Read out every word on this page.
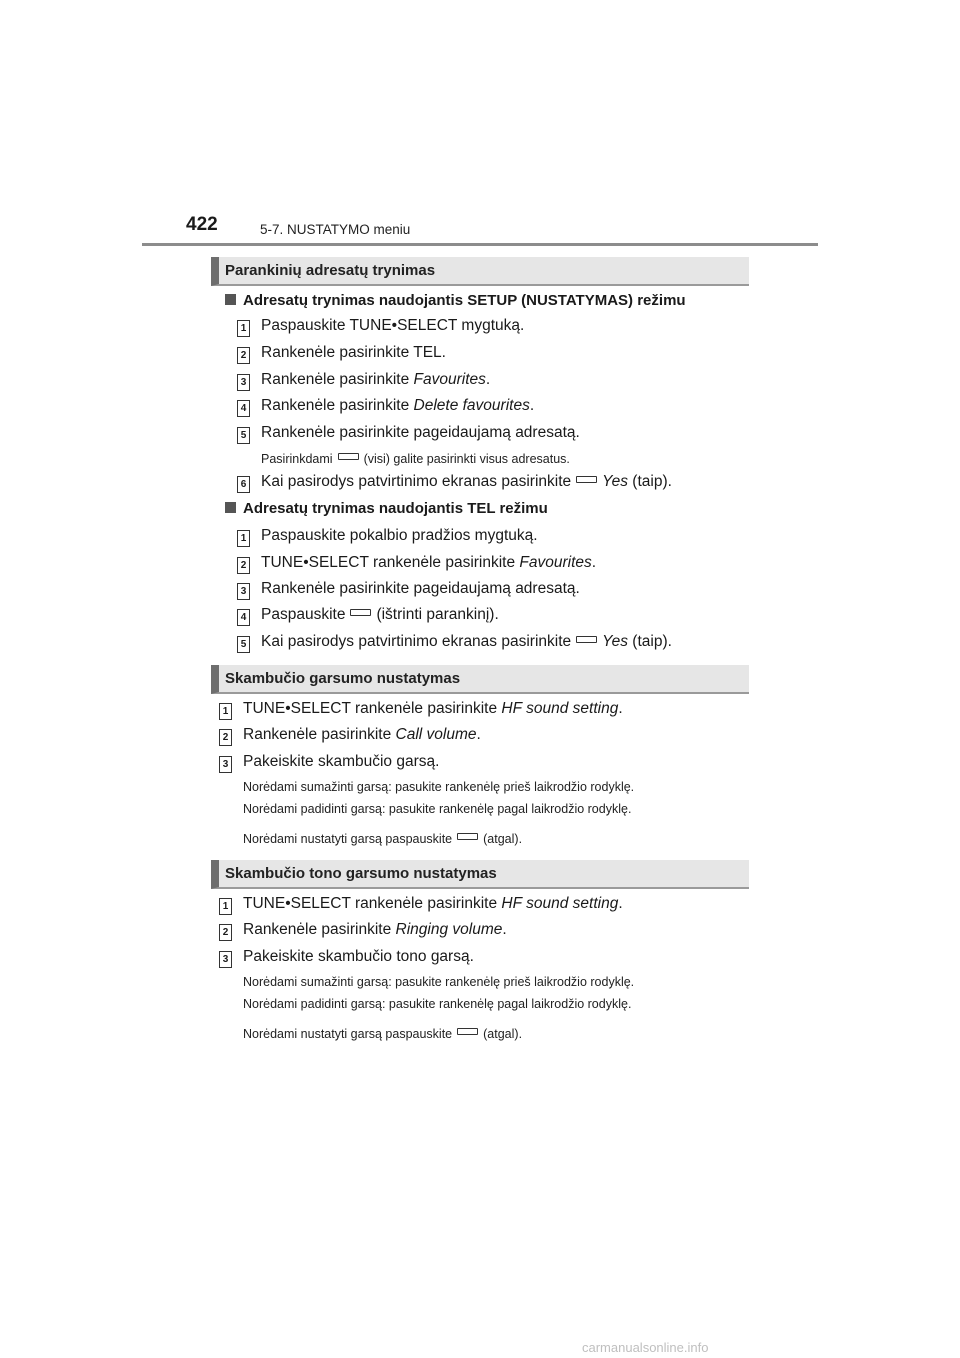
422	5-7. NUSTATYMO meniu
Parankinių adresatų trynimas
Adresatų trynimas naudojantis SETUP (NUSTATYMAS) režimu
1 Paspauskite TUNE•SELECT mygtuką.
2 Rankenėle pasirinkite TEL.
3 Rankenėle pasirinkite Favourites.
4 Rankenėle pasirinkite Delete favourites.
5 Rankenėle pasirinkite pageidaujamą adresatą.
Pasirinkdami (visi) galite pasirinkti visus adresatus.
6 Kai pasirodys patvirtinimo ekranas pasirinkite Yes (taip).
Adresatų trynimas naudojantis TEL režimu
1 Paspauskite pokalbio pradžios mygtuką.
2 TUNE•SELECT rankenėle pasirinkite Favourites.
3 Rankenėle pasirinkite pageidaujamą adresatą.
4 Paspauskite (ištrinti parankinį).
5 Kai pasirodys patvirtinimo ekranas pasirinkite Yes (taip).
Skambučio garsumo nustatymas
1 TUNE•SELECT rankenėle pasirinkite HF sound setting.
2 Rankenėle pasirinkite Call volume.
3 Pakeiskite skambučio garsą.
Norėdami sumažinti garsą: pasukite rankenėlę prieš laikrodžio rodyklę.
Norėdami padidinti garsą: pasukite rankenėlę pagal laikrodžio rodyklę.
Norėdami nustatyti garsą paspauskite (atgal).
Skambučio tono garsumo nustatymas
1 TUNE•SELECT rankenėle pasirinkite HF sound setting.
2 Rankenėle pasirinkite Ringing volume.
3 Pakeiskite skambučio tono garsą.
Norėdami sumažinti garsą: pasukite rankenėlę prieš laikrodžio rodyklę.
Norėdami padidinti garsą: pasukite rankenėlę pagal laikrodžio rodyklę.
Norėdami nustatyti garsą paspauskite (atgal).
carmanualsonline.info
